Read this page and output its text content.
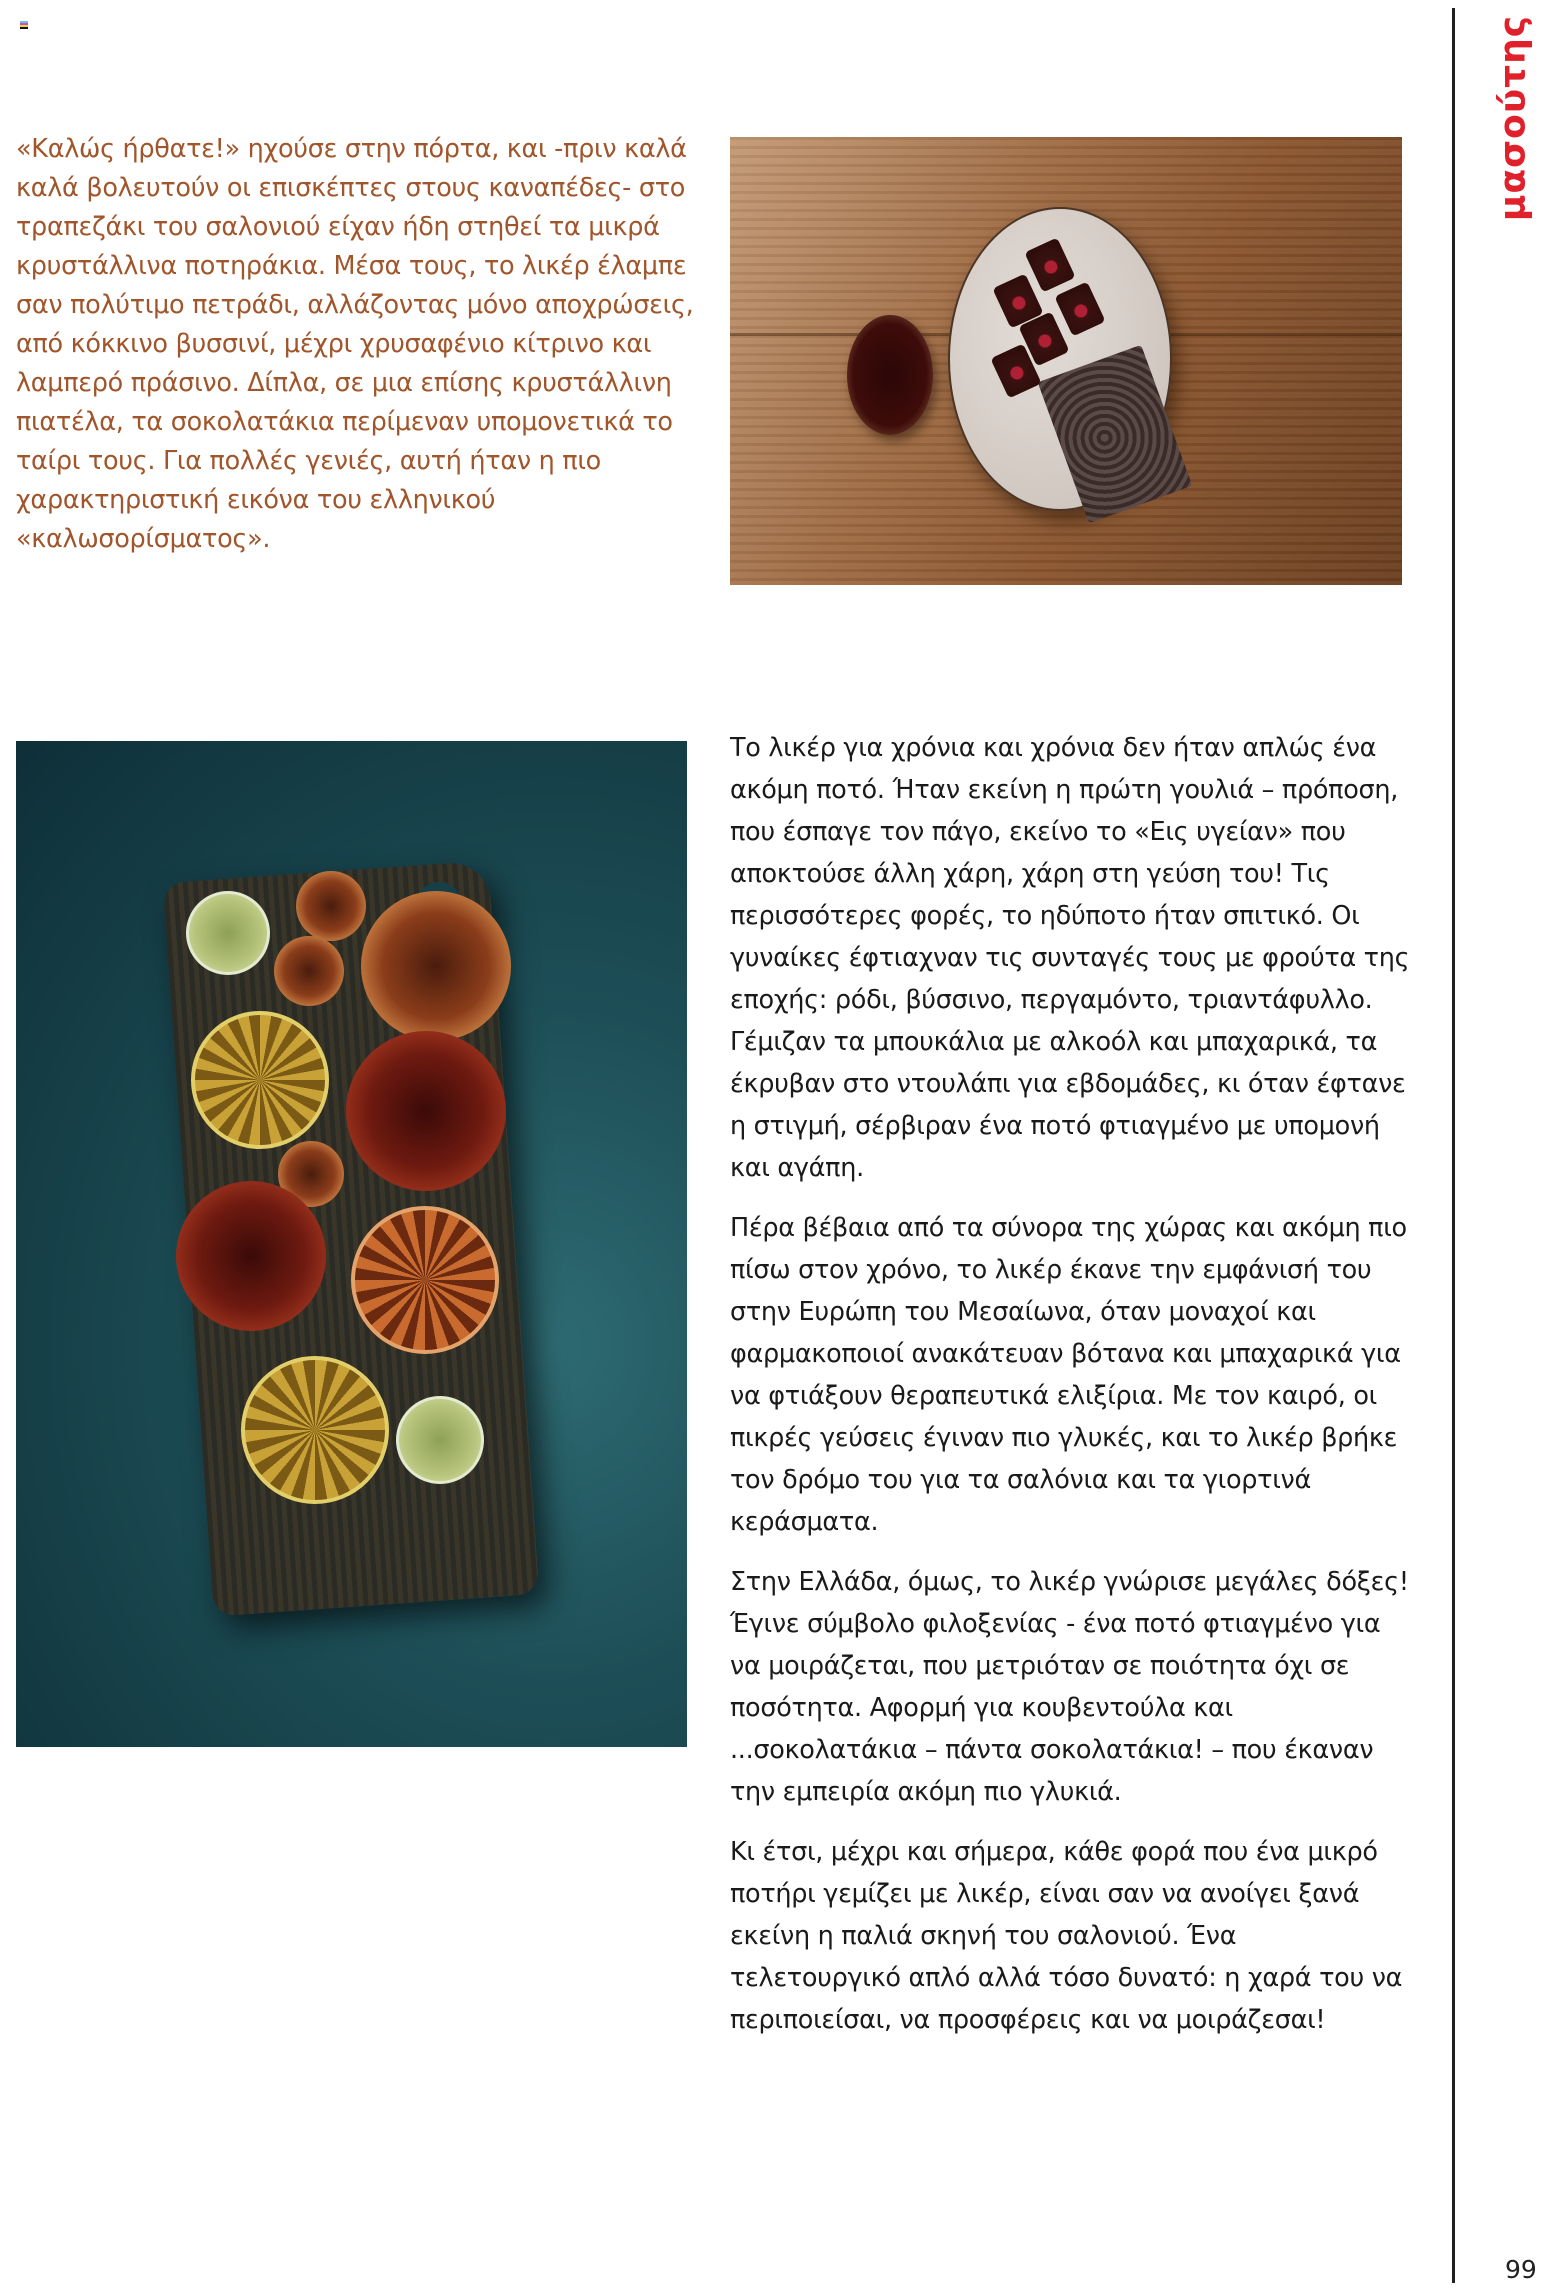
μασούτης

«Καλώς ήρθατε!» ηχούσε στην πόρτα, και -πριν καλά καλά βολευτούν οι επισκέπτες στους καναπέδες- στο τραπεζάκι του σαλονιού είχαν ήδη στηθεί τα μικρά κρυστάλλινα ποτηράκια. Μέσα τους, το λικέρ έλαμπε σαν πολύτιμο πετράδι, αλλάζοντας μόνο αποχρώσεις, από κόκκινο βυσσινί, μέχρι χρυσαφένιο κίτρινο και λαμπερό πράσινο. Δίπλα, σε μια επίσης κρυστάλλινη πιατέλα, τα σοκολατάκια περίμεναν υπομονετικά το ταίρι τους. Για πολλές γενιές, αυτή ήταν η πιο χαρακτηριστική εικόνα του ελληνικού «καλωσορίσματος».

Το λικέρ για χρόνια και χρόνια δεν ήταν απλώς ένα ακόμη ποτό. Ήταν εκείνη η πρώτη γουλιά – πρόποση, που έσπαγε τον πάγο, εκείνο το «Εις υγείαν» που αποκτούσε άλλη χάρη, χάρη στη γεύση του! Τις περισσότερες φορές, το ηδύποτο ήταν σπιτικό. Οι γυναίκες έφτιαχναν τις συνταγές τους με φρούτα της εποχής: ρόδι, βύσσινο, περγαμόντο, τριαντάφυλλο. Γέμιζαν τα μπουκάλια με αλκοόλ και μπαχαρικά, τα έκρυβαν στο ντουλάπι για εβδομάδες, κι όταν έφτανε η στιγμή, σέρβιραν ένα ποτό φτιαγμένο με υπομονή και αγάπη.

Πέρα βέβαια από τα σύνορα της χώρας και ακόμη πιο πίσω στον χρόνο, το λικέρ έκανε την εμφάνισή του στην Ευρώπη του Μεσαίωνα, όταν μοναχοί και φαρμακοποιοί ανακάτευαν βότανα και μπαχαρικά για να φτιάξουν θεραπευτικά ελιξίρια. Με τον καιρό, οι πικρές γεύσεις έγιναν πιο γλυκές, και το λικέρ βρήκε τον δρόμο του για τα σαλόνια και τα γιορτινά κεράσματα.

Στην Ελλάδα, όμως, το λικέρ γνώρισε μεγάλες δόξες! Έγινε σύμβολο φιλοξενίας - ένα ποτό φτιαγμένο για να μοιράζεται, που μετριόταν σε ποιότητα όχι σε ποσότητα. Αφορμή για κουβεντούλα και ...σοκολατάκια – πάντα σοκολατάκια! – που έκαναν την εμπειρία ακόμη πιο γλυκιά.

Κι έτσι, μέχρι και σήμερα, κάθε φορά που ένα μικρό ποτήρι γεμίζει με λικέρ, είναι σαν να ανοίγει ξανά εκείνη η παλιά σκηνή του σαλονιού. Ένα τελετουργικό απλό αλλά τόσο δυνατό: η χαρά του να περιποιείσαι, να προσφέρεις και να μοιράζεσαι!

99
